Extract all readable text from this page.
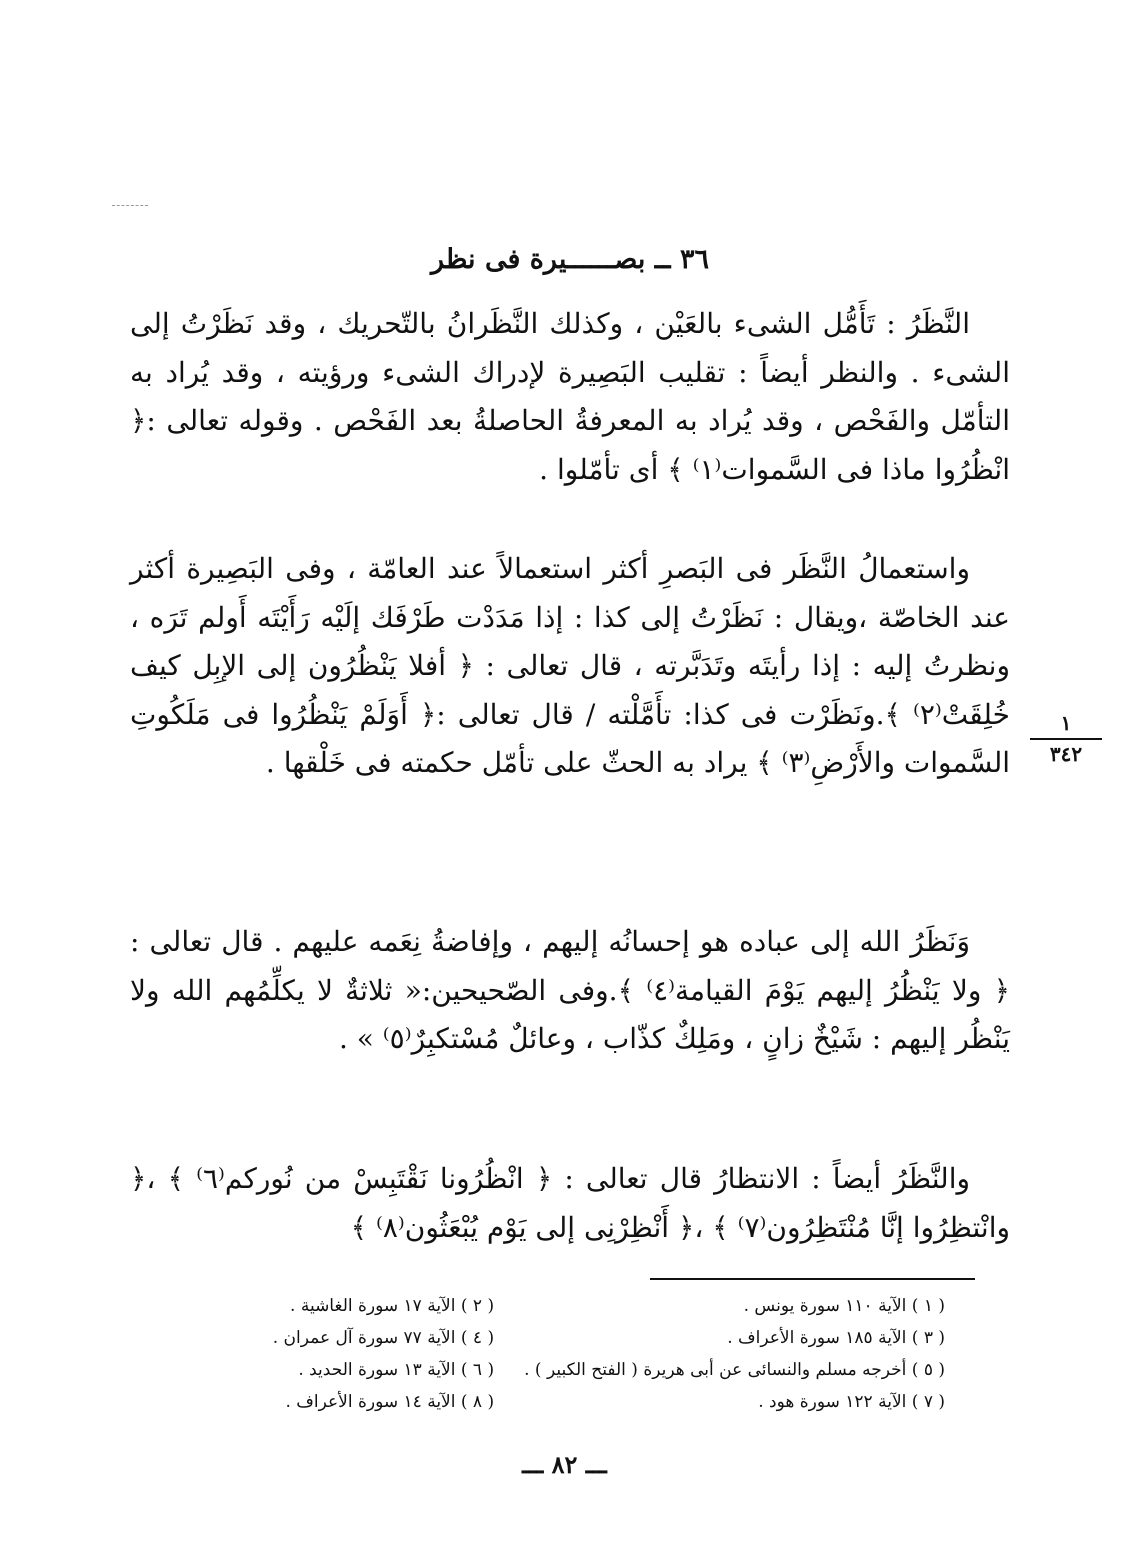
٣٦ ــ بصــــــيرة فى نظر

النَّظَرُ : تَأَمُّل الشىء بالعَيْن ، وكذلك النَّظَرانُ بالتّحريك ، وقد نَظَرْتُ إلى الشىء . والنظر أيضاً : تقليب البَصِيرة لإدراك الشىء ورؤيته ، وقد يُراد به التأمّل والفَحْص ، وقد يُراد به المعرفةُ الحاصلةُ بعد الفَحْص . وقوله تعالى :﴿ انْظُرُوا ماذا فى السَّموات⁽١⁾ ﴾ أى تأمّلوا .

واستعمالُ النَّظَر فى البَصرِ أكثر استعمالاً عند العامّة ، وفى البَصِيرة أكثر عند الخاصّة ،ويقال : نَظَرْتُ إلى كذا : إذا مَدَدْت طَرْفَك إلَيْه رَأَيْتَه أَولم تَرَه ، ونظرتُ إليه : إذا رأيتَه وتَدَبَّرته ، قال تعالى : ﴿ أفلا يَنْظُرُون إلى الإبِل كيف خُلِقَتْ⁽٢⁾ ﴾.ونَظَرْت فى كذا: تأَمَّلْته / قال تعالى :﴿ أَوَلَمْ يَنْظُرُوا فى مَلَكُوتِ السَّموات والأَرْضِ⁽٣⁾ ﴾ يراد به الحثّ على تأمّل حكمته فى خَلْقها .

وَنَظَرُ الله إلى عباده هو إحسانُه إليهم ، وإفاضةُ نِعَمه عليهم . قال تعالى :﴿ ولا يَنْظُرُ إليهم يَوْمَ القيامة⁽٤⁾ ﴾.وفى الصّحيحين:« ثلاثةٌ لا يكلِّمُهم الله ولا يَنْظُر إليهم : شَيْخٌ زانٍ ، ومَلِكٌ كذّاب ، وعائلٌ مُسْتكبِرٌ⁽٥⁾ » .

والنَّظَرُ أيضاً : الانتظارُ قال تعالى : ﴿ انْظُرُونا نَقْتَبِسْ من نُوركم⁽٦⁾ ﴾ ،﴿ وانْتظِرُوا إنَّا مُنْتَظِرُون⁽٧⁾ ﴾ ،﴿ أَنْظِرْنِى إلى يَوْم يُبْعَثُون⁽٨⁾ ﴾

١
٣٤٢
( ١ ) الآية ١١٠ سورة يونس .
( ٢ ) الآية ١٧ سورة الغاشية .
( ٣ ) الآية ١٨٥ سورة الأعراف .
( ٤ ) الآية ٧٧ سورة آل عمران .
( ٥ ) أخرجه مسلم والنسائى عن أبى هريرة ( الفتح الكبير ) .
( ٦ ) الآية ١٣ سورة الحديد .
( ٧ ) الآية ١٢٢ سورة هود .
( ٨ ) الآية ١٤ سورة الأعراف .
ـــ ٨٢ ـــ
